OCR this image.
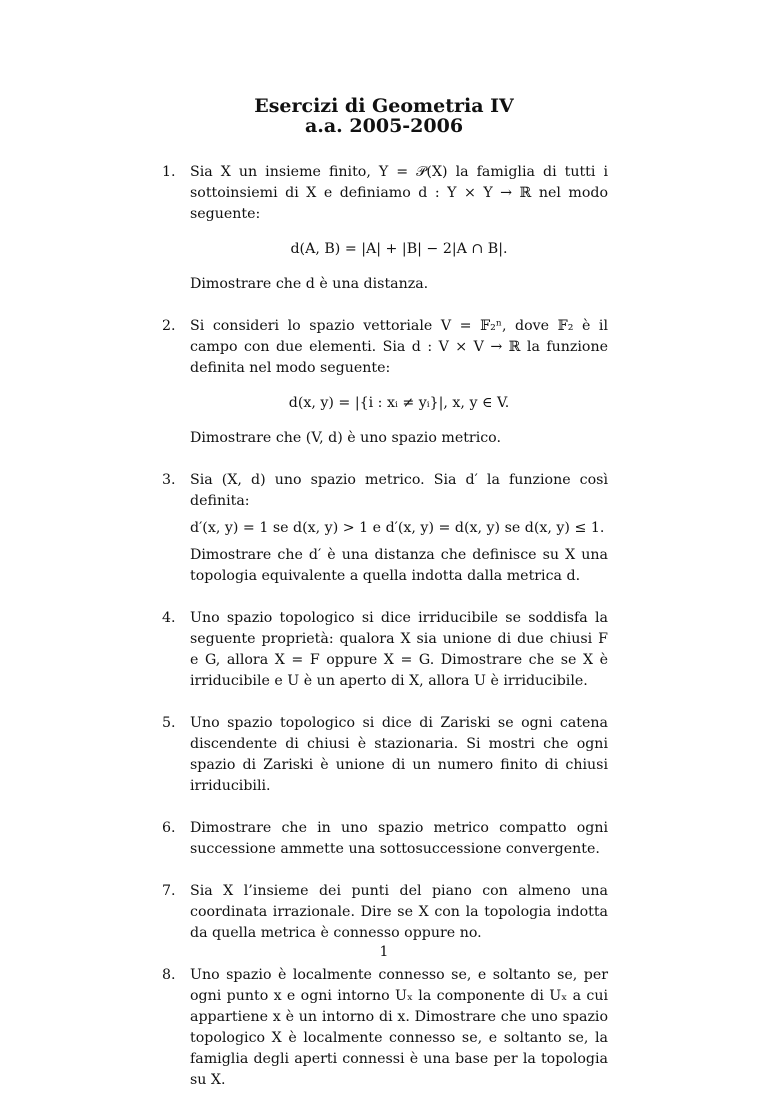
Esercizi di Geometria IV
a.a. 2005-2006
1.	Sia X un insieme finito, Y = 𝒫(X) la famiglia di tutti i sottoinsiemi di X e definiamo d : Y × Y → ℝ nel modo seguente:

d(A, B) = |A| + |B| − 2|A ∩ B|.

Dimostrare che d è una distanza.

2.	Si consideri lo spazio vettoriale V = 𝔽₂ⁿ, dove 𝔽₂ è il campo con due elementi. Sia d : V × V → ℝ la funzione definita nel modo seguente:

d(x, y) = |{i : xᵢ ≠ yᵢ}|, x, y ∈ V.

Dimostrare che (V, d) è uno spazio metrico.

3.	Sia (X, d) uno spazio metrico. Sia d′ la funzione così definita:

d′(x, y) = 1 se d(x, y) > 1 e d′(x, y) = d(x, y) se d(x, y) ≤ 1.

Dimostrare che d′ è una distanza che definisce su X una topologia equivalente a quella indotta dalla metrica d.

4.	Uno spazio topologico si dice irriducibile se soddisfa la seguente proprietà: qualora X sia unione di due chiusi F e G, allora X = F oppure X = G. Dimostrare che se X è irriducibile e U è un aperto di X, allora U è irriducibile.

5.	Uno spazio topologico si dice di Zariski se ogni catena discendente di chiusi è stazionaria. Si mostri che ogni spazio di Zariski è unione di un numero finito di chiusi irriducibili.

6.	Dimostrare che in uno spazio metrico compatto ogni successione ammette una sottosuccessione convergente.

7.	Sia X l’insieme dei punti del piano con almeno una coordinata irrazionale. Dire se X con la topologia indotta da quella metrica è connesso oppure no.

8.	Uno spazio è localmente connesso se, e soltanto se, per ogni punto x e ogni intorno Uₓ la componente di Uₓ a cui appartiene x è un intorno di x. Dimostrare che uno spazio topologico X è localmente connesso se, e soltanto se, la famiglia degli aperti connessi è una base per la topologia su X.

1
